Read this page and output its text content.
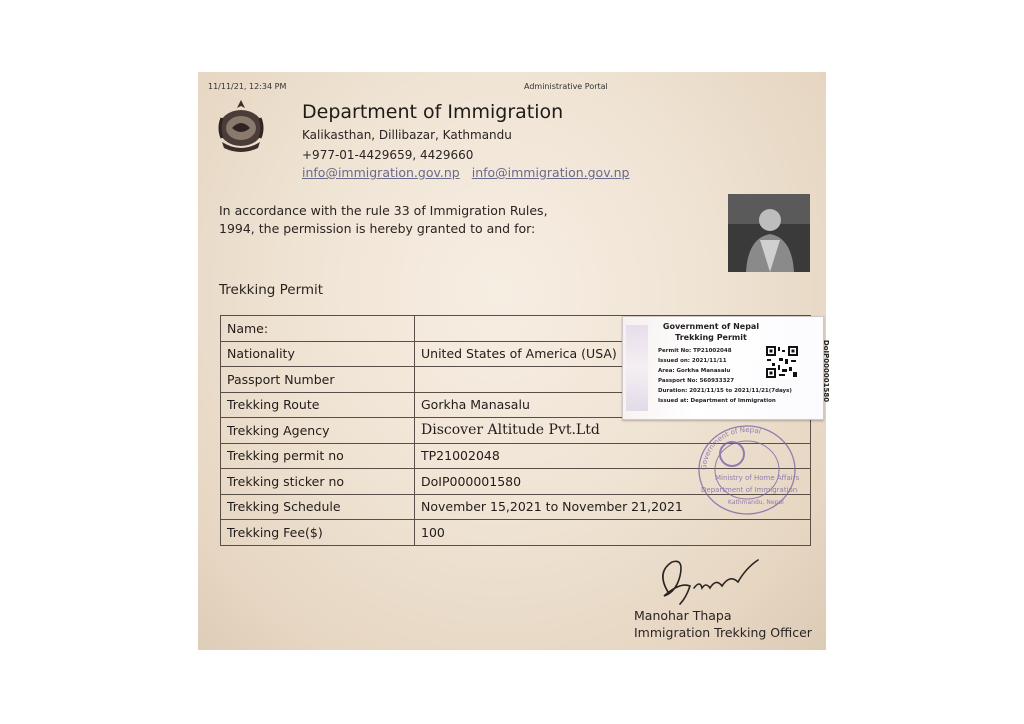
11/11/21, 12:34 PM	Administrative Portal
Department of Immigration
Kalikasthan, Dillibazar, Kathmandu
+977-01-4429659, 4429660
info@immigration.gov.np info@immigration.gov.np
In accordance with the rule 33 of Immigration Rules, 1994, the permission is hereby granted to and for:
Trekking Permit
Name:	
Nationality	United States of America (USA)
Passport Number	
Trekking Route	Gorkha Manasalu
Trekking Agency	Discover Altitude Pvt.Ltd
Trekking permit no	TP21002048
Trekking sticker no	DoIP000001580
Trekking Schedule	November 15,2021 to November 21,2021
Trekking Fee($)	100
Government of Nepal
Trekking Permit
Permit No: TP21002048
Issued on: 2021/11/11
Area: Gorkha Manasalu
Passport No: 560933327
Duration: 2021/11/15 to 2021/11/21(7days)
Issued at: Department of Immigration	DoIP000001580
Government of Nepal
Ministry of Home Affairs
Department of Immigration
Kathmandu, Nepal
Manohar Thapa
Immigration Trekking Officer
